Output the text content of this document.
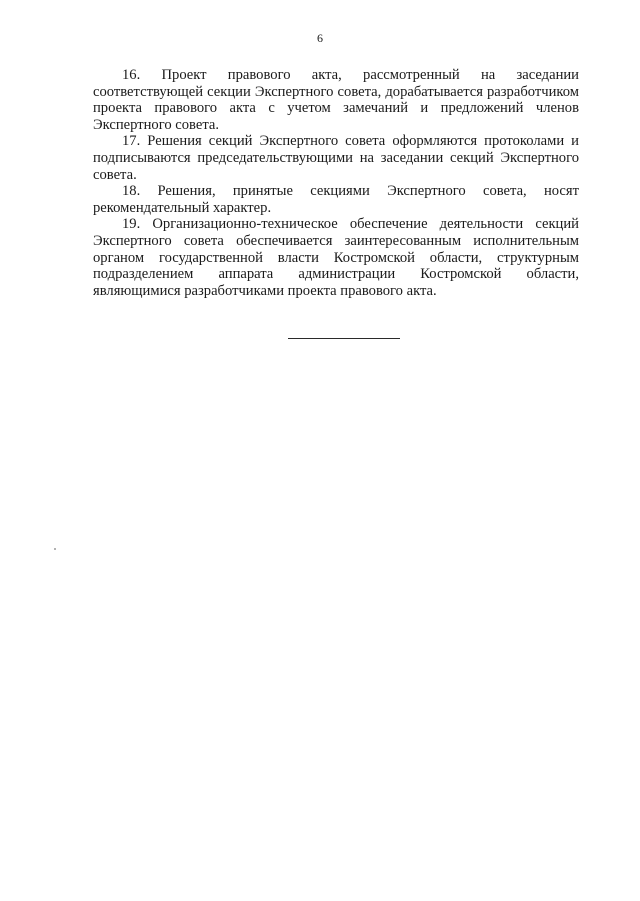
6

16. Проект правового акта, рассмотренный на заседании соответствующей секции Экспертного совета, дорабатывается разработчиком проекта правового акта с учетом замечаний и предложений членов Экспертного совета.

17. Решения секций Экспертного совета оформляются протоколами и подписываются председательствующими на заседании секций Экспертного совета.

18. Решения, принятые секциями Экспертного совета, носят рекомендательный характер.

19. Организационно-техническое обеспечение деятельности секций Экспертного совета обеспечивается заинтересованным исполнительным органом государственной власти Костромской области, структурным подразделением аппарата администрации Костромской области, являющимися разработчиками проекта правового акта.
